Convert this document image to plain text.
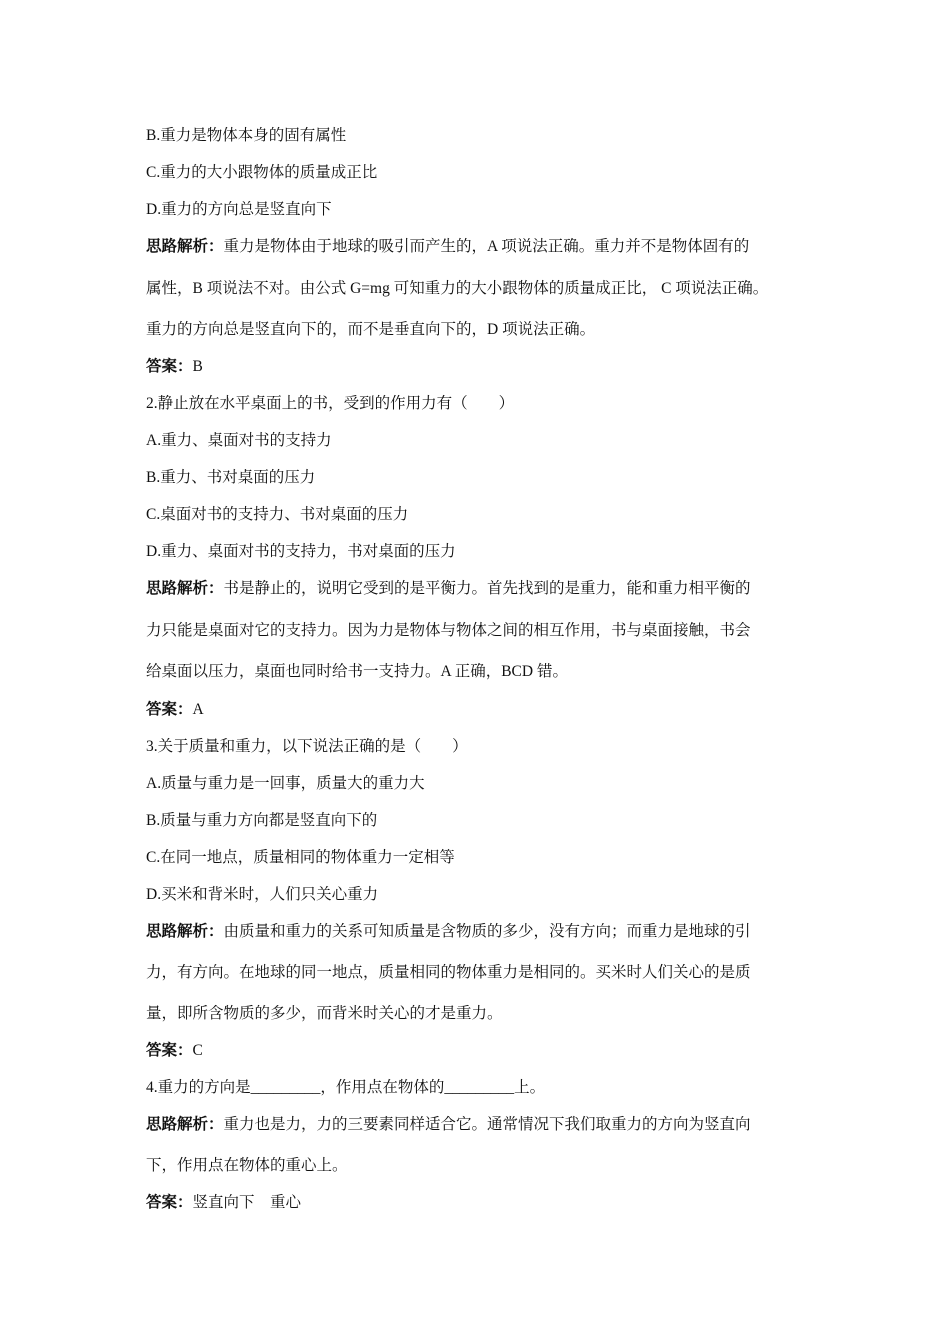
B.重力是物体本身的固有属性
C.重力的大小跟物体的质量成正比
D.重力的方向总是竖直向下
思路解析：重力是物体由于地球的吸引而产生的，A 项说法正确。重力并不是物体固有的
属性，B 项说法不对。由公式 G=mg 可知重力的大小跟物体的质量成正比， C 项说法正确。
重力的方向总是竖直向下的，而不是垂直向下的，D 项说法正确。
答案：B
2.静止放在水平桌面上的书，受到的作用力有（　　）
A.重力、桌面对书的支持力
B.重力、书对桌面的压力
C.桌面对书的支持力、书对桌面的压力
D.重力、桌面对书的支持力，书对桌面的压力
思路解析：书是静止的，说明它受到的是平衡力。首先找到的是重力，能和重力相平衡的
力只能是桌面对它的支持力。因为力是物体与物体之间的相互作用，书与桌面接触，书会
给桌面以压力，桌面也同时给书一支持力。A 正确，BCD 错。
答案：A
3.关于质量和重力，以下说法正确的是（　　）
A.质量与重力是一回事，质量大的重力大
B.质量与重力方向都是竖直向下的
C.在同一地点，质量相同的物体重力一定相等
D.买米和背米时，人们只关心重力
思路解析：由质量和重力的关系可知质量是含物质的多少，没有方向；而重力是地球的引
力，有方向。在地球的同一地点，质量相同的物体重力是相同的。买米时人们关心的是质
量，即所含物质的多少，而背米时关心的才是重力。
答案：C
4.重力的方向是_________，作用点在物体的_________上。
思路解析：重力也是力，力的三要素同样适合它。通常情况下我们取重力的方向为竖直向
下，作用点在物体的重心上。
答案：竖直向下　重心
